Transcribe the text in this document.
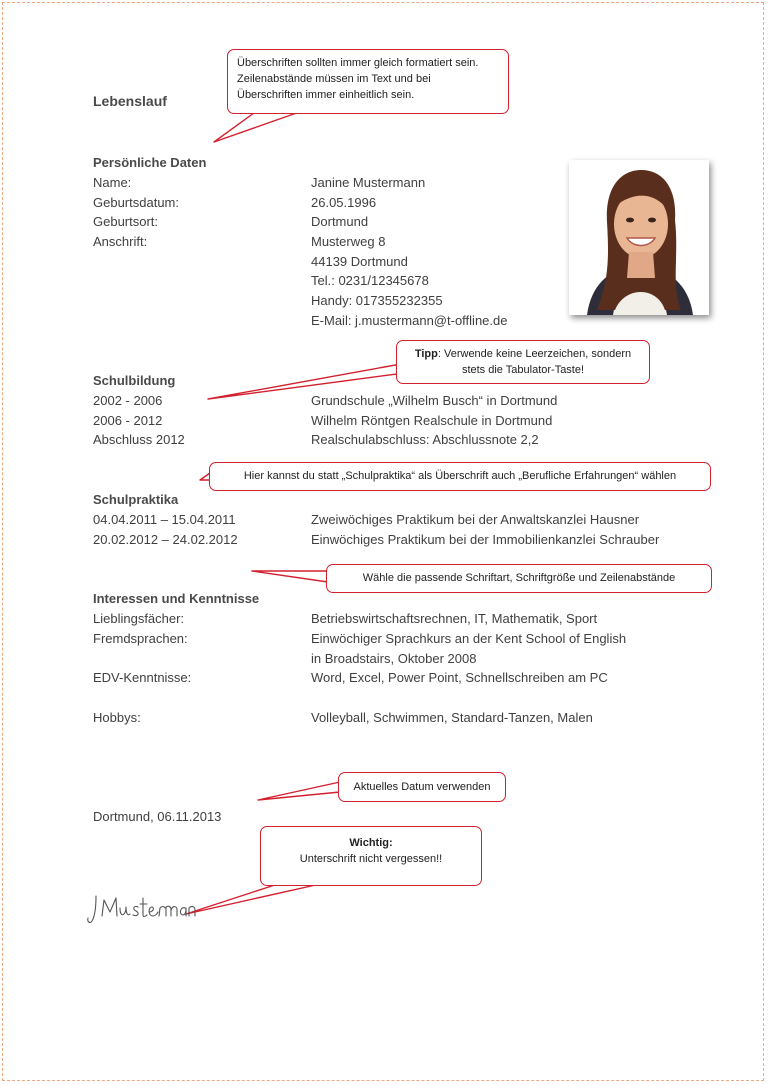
Lebenslauf
Persönliche Daten
Name:	Janine Mustermann
Geburtsdatum:	26.05.1996
Geburtsort:	Dortmund
Anschrift:	Musterweg 8
44139 Dortmund
Tel.: 0231/12345678
Handy: 017355232355
E-Mail: j.mustermann@t-offline.de
Schulbildung
2002 - 2006	Grundschule „Wilhelm Busch“ in Dortmund
2006 - 2012	Wilhelm Röntgen Realschule in Dortmund
Abschluss 2012	Realschulabschluss: Abschlussnote 2,2
Schulpraktika
04.04.2011 – 15.04.2011	Zweiwöchiges Praktikum bei der Anwaltskanzlei Hausner
20.02.2012 – 24.02.2012	Einwöchiges Praktikum bei der Immobilienkanzlei Schrauber
Interessen und Kenntnisse
Lieblingsfächer:	Betriebswirtschaftsrechnen, IT, Mathematik, Sport
Fremdsprachen:	Einwöchiger Sprachkurs an der Kent School of English
in Broadstairs, Oktober 2008
EDV-Kenntnisse:	Word, Excel, Power Point, Schnellschreiben am PC
Hobbys:	Volleyball, Schwimmen, Standard-Tanzen, Malen
Dortmund, 06.11.2013
Überschriften sollten immer gleich formatiert sein. Zeilenabstände müssen im Text und bei Überschriften immer einheitlich sein.
Tipp: Verwende keine Leerzeichen, sondern stets die Tabulator-Taste!
Hier kannst du statt „Schulpraktika“ als Überschrift auch „Berufliche Erfahrungen“ wählen
Wähle die passende Schriftart, Schriftgröße und Zeilenabstände
Aktuelles Datum verwenden
Wichtig:
Unterschrift nicht vergessen!!
